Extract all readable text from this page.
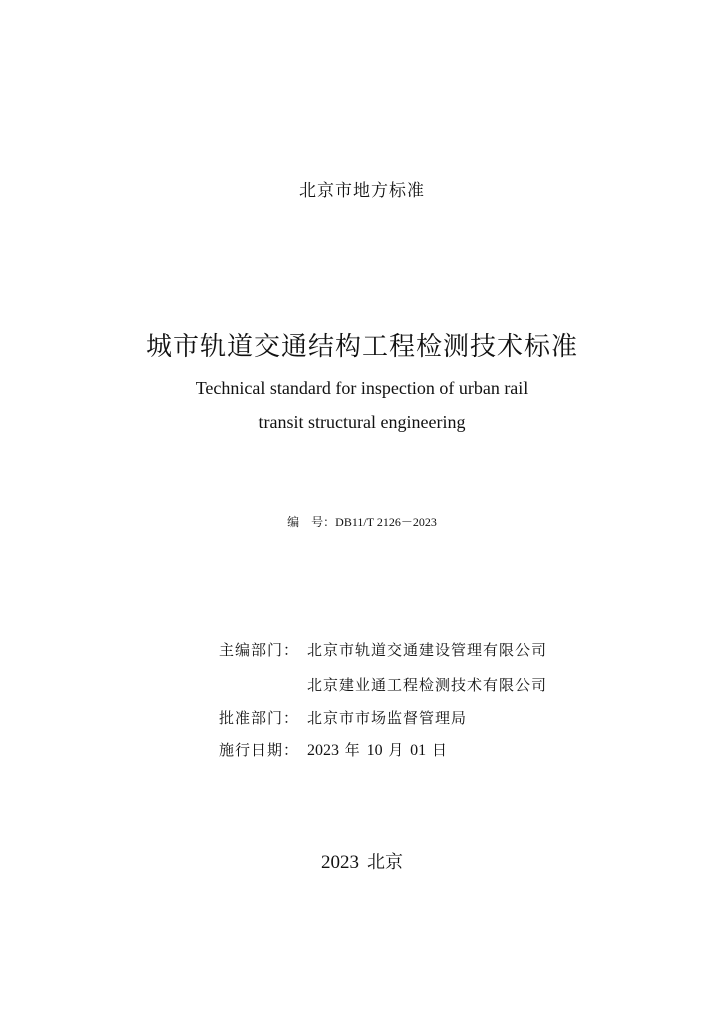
北京市地方标准
城市轨道交通结构工程检测技术标准
Technical standard for inspection of urban rail
transit structural engineering
编　号：DB11/T 2126－2023
主编部门： 北京市轨道交通建设管理有限公司
北京建业通工程检测技术有限公司
批准部门： 北京市市场监督管理局
施行日期： 2023 年 10 月 01 日
2023 北京
